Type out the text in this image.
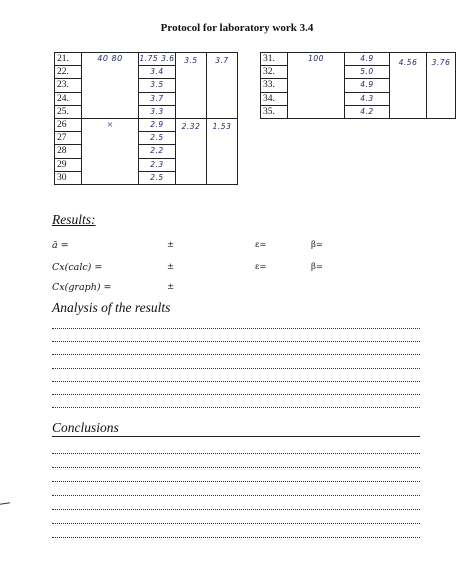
Protocol for laboratory work 3.4
21.	40 80	1.75 3.6	3.5	3.7
22.		3.4		
23.		3.5		
24.		3.7		
25.		3.3		
26	×	2.9	2.32	1.53
27		2.5		
28		2.2		
29		2.3		
30		2.5		
31.	100	4.9	4.56	3.76
32.		5.0		
33.		4.9		
34.		4.3		
35.		4.2		
Results:
ā =	±	ε=	β=
Cx(calc) =	±	ε=	β=
Cx(graph) =	±
Analysis of the results
Conclusions
